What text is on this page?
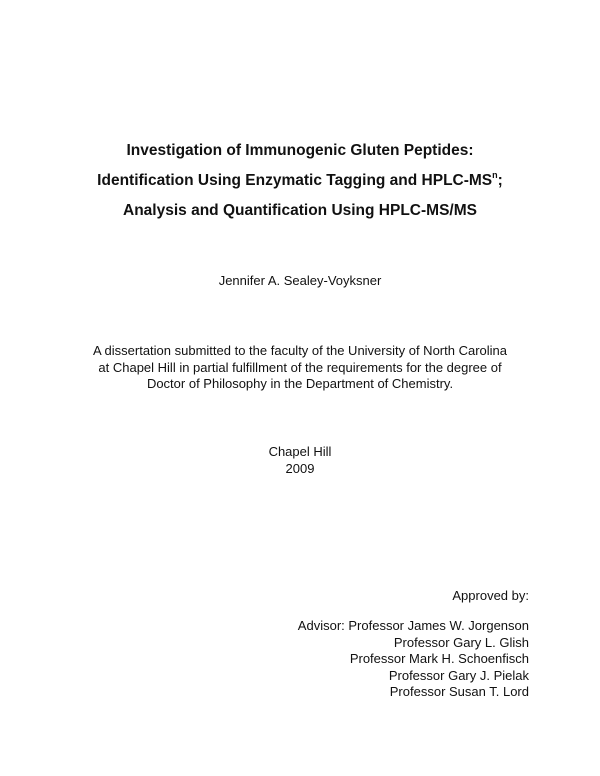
Investigation of Immunogenic Gluten Peptides:
Identification Using Enzymatic Tagging and HPLC-$MS^n$;
Analysis and Quantification Using HPLC-MS/MS
Jennifer A. Sealey-Voyksner
A dissertation submitted to the faculty of the University of North Carolina
at Chapel Hill in partial fulfillment of the requirements for the degree of
Doctor of Philosophy in the Department of Chemistry.
Chapel Hill
2009
Approved by:
Advisor: Professor James W. Jorgenson
Professor Gary L. Glish
Professor Mark H. Schoenfisch
Professor Gary J. Pielak
Professor Susan T. Lord
